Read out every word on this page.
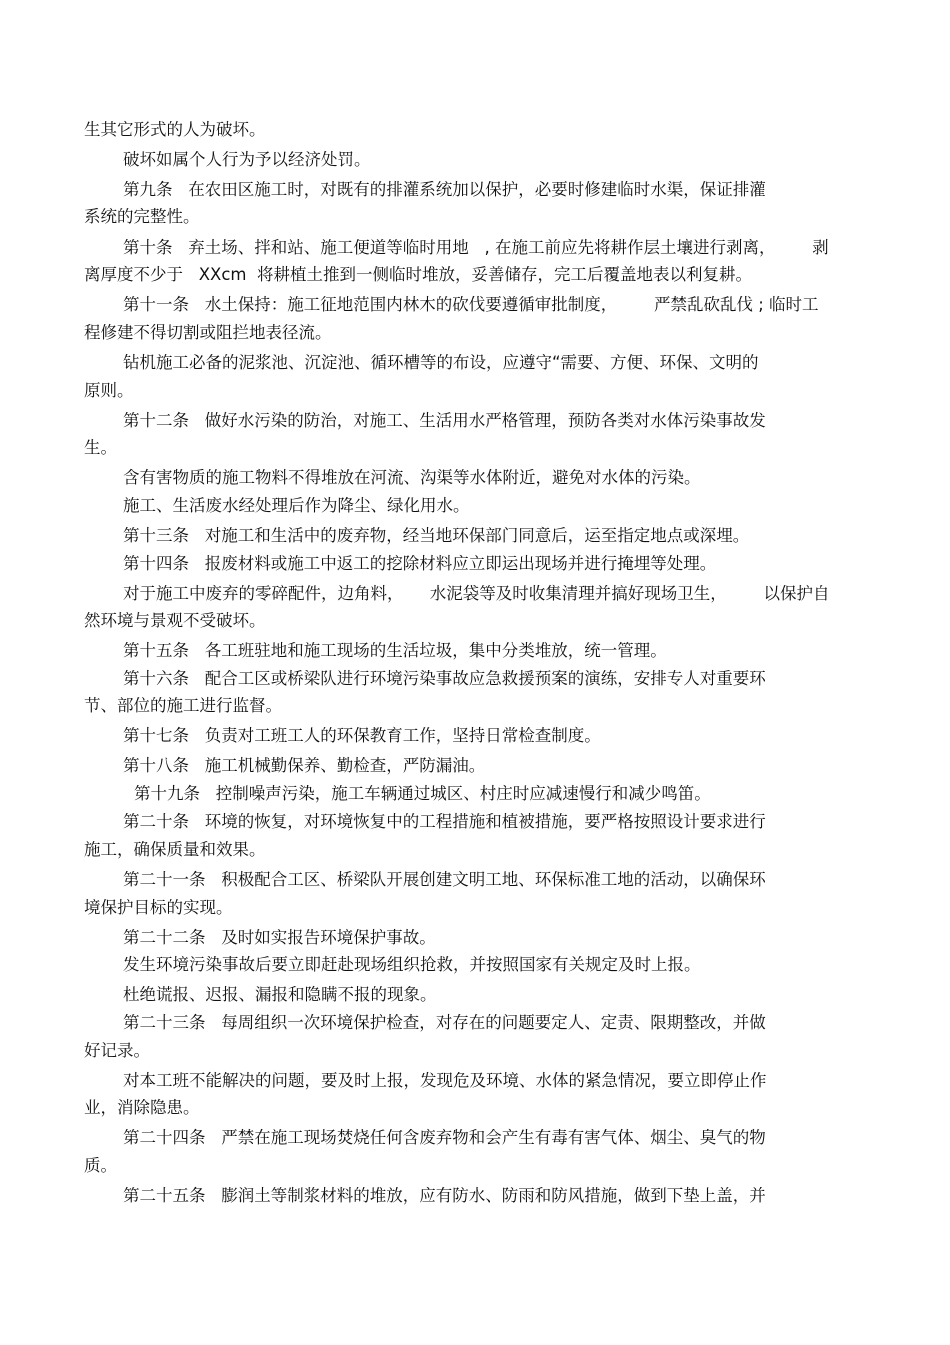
生其它形式的人为破坏。
破坏如属个人行为予以经济处罚。
第九条   在农田区施工时，对既有的排灌系统加以保护，必要时修建临时水渠，保证排灌
系统的完整性。
第十条   弃土场、拌和站、施工便道等临时用地   , 在施工前应先将耕作层土壤进行剥离，       剥
离厚度不少于   XXcm  将耕植土推到一侧临时堆放，妥善储存，完工后覆盖地表以利复耕。
第十一条   水土保持：施工征地范围内林木的砍伐要遵循审批制度，       严禁乱砍乱伐 ; 临时工
程修建不得切割或阻拦地表径流。
钻机施工必备的泥浆池、沉淀池、循环槽等的布设，应遵守“需要、方便、环保、文明的
原则。
第十二条   做好水污染的防治，对施工、生活用水严格管理，预防各类对水体污染事故发
生。
含有害物质的施工物料不得堆放在河流、沟渠等水体附近，避免对水体的污染。
施工、生活废水经处理后作为降尘、绿化用水。
第十三条   对施工和生活中的废弃物，经当地环保部门同意后，运至指定地点或深埋。
第十四条   报废材料或施工中返工的挖除材料应立即运出现场并进行掩埋等处理。
对于施工中废弃的零碎配件，边角料，     水泥袋等及时收集清理并搞好现场卫生，       以保护自
然环境与景观不受破坏。
第十五条   各工班驻地和施工现场的生活垃圾，集中分类堆放，统一管理。
第十六条   配合工区或桥梁队进行环境污染事故应急救援预案的演练，安排专人对重要环
节、部位的施工进行监督。
第十七条   负责对工班工人的环保教育工作，坚持日常检查制度。
第十八条   施工机械勤保养、勤检查，严防漏油。
第十九条   控制噪声污染，施工车辆通过城区、村庄时应减速慢行和减少鸣笛。
第二十条   环境的恢复，对环境恢复中的工程措施和植被措施，要严格按照设计要求进行
施工，确保质量和效果。
第二十一条   积极配合工区、桥梁队开展创建文明工地、环保标准工地的活动，以确保环
境保护目标的实现。
第二十二条   及时如实报告环境保护事故。
发生环境污染事故后要立即赶赴现场组织抢救，并按照国家有关规定及时上报。
杜绝谎报、迟报、漏报和隐瞒不报的现象。
第二十三条   每周组织一次环境保护检查，对存在的问题要定人、定责、限期整改，并做
好记录。
对本工班不能解决的问题，要及时上报，发现危及环境、水体的紧急情况，要立即停止作
业，消除隐患。
第二十四条   严禁在施工现场焚烧任何含废弃物和会产生有毒有害气体、烟尘、臭气的物
质。
第二十五条   膨润土等制浆材料的堆放，应有防水、防雨和防风措施，做到下垫上盖，并
